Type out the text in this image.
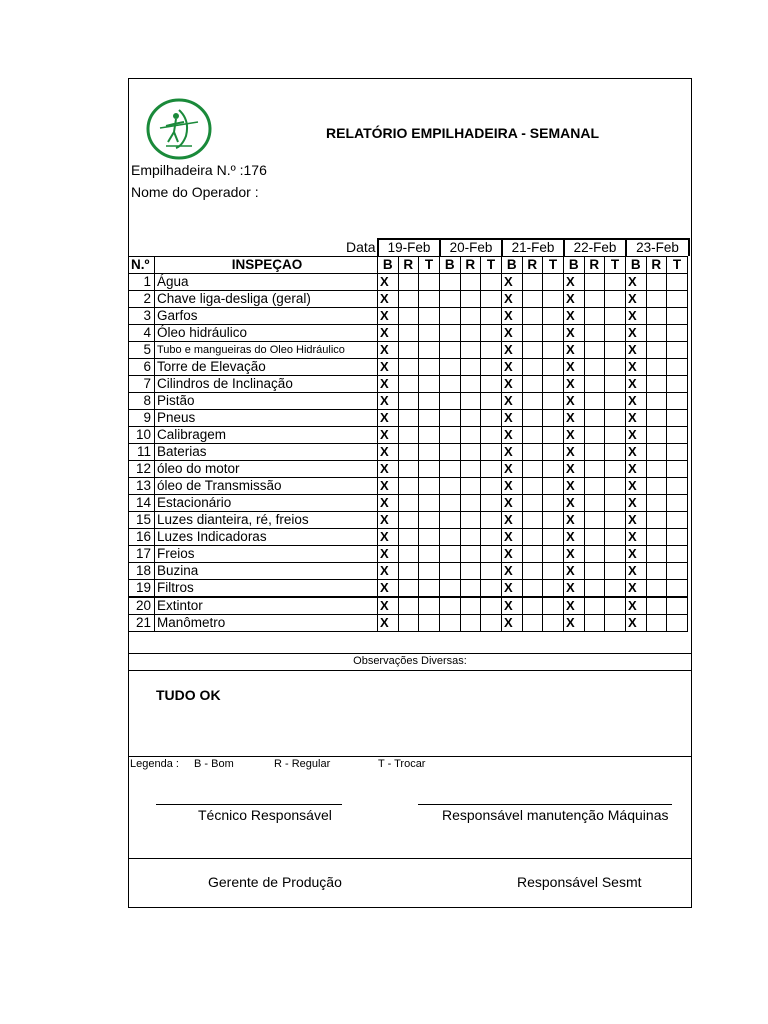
RELATÓRIO EMPILHADEIRA - SEMANAL
Empilhadeira N.º :176
Nome do Operador :
Data 19-Feb	20-Feb	21-Feb	22-Feb	23-Feb
N.º	INSPEÇAO	B	R	T	B	R	T	B	R	T	B	R	T	B	R	T
1	Água	X						X			X			X		
2	Chave liga-desliga (geral)	X						X			X			X		
3	Garfos	X						X			X			X		
4	Óleo hidráulico	X						X			X			X		
5	Tubo e mangueiras do Oleo Hidráulico	X						X			X			X		
6	Torre de Elevação	X						X			X			X		
7	Cilindros de Inclinação	X						X			X			X		
8	Pistão	X						X			X			X		
9	Pneus	X						X			X			X		
10	Calibragem	X						X			X			X		
11	Baterias	X						X			X			X		
12	óleo do motor	X						X			X			X		
13	óleo de Transmissão	X						X			X			X		
14	Estacionário	X						X			X			X		
15	Luzes dianteira, ré, freios	X						X			X			X		
16	Luzes Indicadoras	X						X			X			X		
17	Freios	X						X			X			X		
18	Buzina	X						X			X			X		
19	Filtros	X						X			X			X		
20	Extintor	X						X			X			X		
21	Manômetro	X						X			X			X		
Observações Diversas:
TUDO OK
Legenda : B - Bom	R - Regular	T - Trocar
Técnico Responsável	Responsável manutenção Máquinas
Gerente de Produção	Responsável Sesmt
